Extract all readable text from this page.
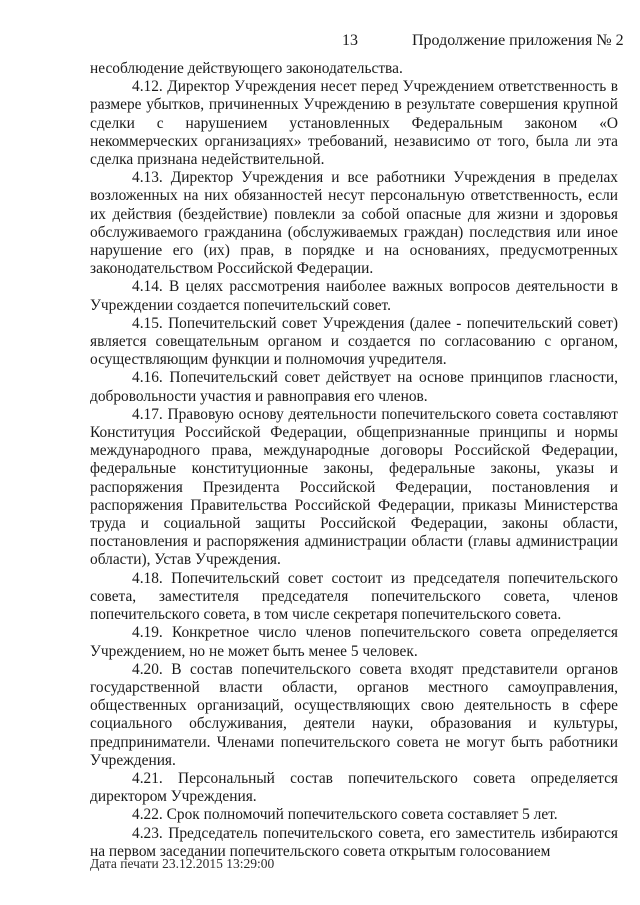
13	Продолжение приложения № 2

несоблюдение действующего законодательства.

4.12. Директор Учреждения несет перед Учреждением ответственность в размере убытков, причиненных Учреждению в результате совершения крупной сделки с нарушением установленных Федеральным законом «О некоммерческих организациях» требований, независимо от того, была ли эта сделка признана недействительной.

4.13. Директор Учреждения и все работники Учреждения в пределах возложенных на них обязанностей несут персональную ответственность, если их действия (бездействие) повлекли за собой опасные для жизни и здоровья обслуживаемого гражданина (обслуживаемых граждан) последствия или иное нарушение его (их) прав, в порядке и на основаниях, предусмотренных законодательством Российской Федерации.

4.14. В целях рассмотрения наиболее важных вопросов деятельности в Учреждении создается попечительский совет.

4.15. Попечительский совет Учреждения (далее - попечительский совет) является совещательным органом и создается по согласованию с органом, осуществляющим функции и полномочия учредителя.

4.16. Попечительский совет действует на основе принципов гласности, добровольности участия и равноправия его членов.

4.17. Правовую основу деятельности попечительского совета составляют Конституция Российской Федерации, общепризнанные принципы и нормы международного права, международные договоры Российской Федерации, федеральные конституционные законы, федеральные законы, указы и распоряжения Президента Российской Федерации, постановления и распоряжения Правительства Российской Федерации, приказы Министерства труда и социальной защиты Российской Федерации, законы области, постановления и распоряжения администрации области (главы администрации области), Устав Учреждения.

4.18. Попечительский совет состоит из председателя попечительского совета, заместителя председателя попечительского совета, членов попечительского совета, в том числе секретаря попечительского совета.

4.19. Конкретное число членов попечительского совета определяется Учреждением, но не может быть менее 5 человек.

4.20. В состав попечительского совета входят представители органов государственной власти области, органов местного самоуправления, общественных организаций, осуществляющих свою деятельность в сфере социального обслуживания, деятели науки, образования и культуры, предприниматели. Членами попечительского совета не могут быть работники Учреждения.

4.21. Персональный состав попечительского совета определяется директором Учреждения.

4.22. Срок полномочий попечительского совета составляет 5 лет.

4.23. Председатель попечительского совета, его заместитель избираются на первом заседании попечительского совета открытым голосованием

Дата печати 23.12.2015 13:29:00
